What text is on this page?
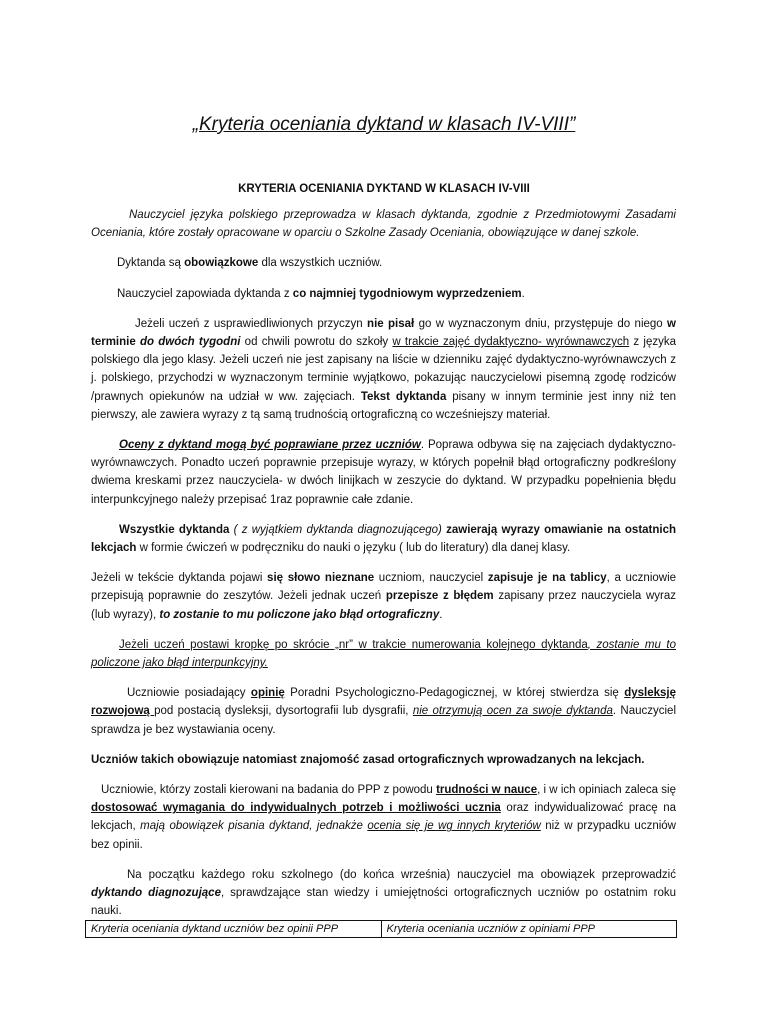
„Kryteria oceniania dyktand w klasach IV-VIII”
KRYTERIA OCENIANIA DYKTAND W KLASACH IV-VIII

Nauczyciel języka polskiego przeprowadza w klasach dyktanda, zgodnie z Przedmiotowymi Zasadami Oceniania, które zostały opracowane w oparciu o Szkolne Zasady Oceniania, obowiązujące w danej szkole.

Dyktanda są obowiązkowe dla wszystkich uczniów.

Nauczyciel zapowiada dyktanda z co najmniej tygodniowym wyprzedzeniem.

Jeżeli uczeń z usprawiedliwionych przyczyn nie pisał go w wyznaczonym dniu, przystępuje do niego w terminie do dwóch tygodni od chwili powrotu do szkoły w trakcie zajęć dydaktyczno- wyrównawczych z języka polskiego dla jego klasy. Jeżeli uczeń nie jest zapisany na liście w dzienniku zajęć dydaktyczno-wyrównawczych z j. polskiego, przychodzi w wyznaczonym terminie wyjątkowo, pokazując nauczycielowi pisemną zgodę rodziców /prawnych opiekunów na udział w ww. zajęciach. Tekst dyktanda pisany w innym terminie jest inny niż ten pierwszy, ale zawiera wyrazy z tą samą trudnością ortograficzną co wcześniejszy materiał.

Oceny z dyktand mogą być poprawiane przez uczniów. Poprawa odbywa się na zajęciach dydaktyczno-wyrównawczych. Ponadto uczeń poprawnie przepisuje wyrazy, w których popełnił błąd ortograficzny podkreślony dwiema kreskami przez nauczyciela- w dwóch linijkach w zeszycie do dyktand. W przypadku popełnienia błędu interpunkcyjnego należy przepisać 1raz poprawnie całe zdanie.

Wszystkie dyktanda ( z wyjątkiem dyktanda diagnozującego) zawierają wyrazy omawianie na ostatnich lekcjach w formie ćwiczeń w podręczniku do nauki o języku ( lub do literatury) dla danej klasy.

Jeżeli w tekście dyktanda pojawi się słowo nieznane uczniom, nauczyciel zapisuje je na tablicy, a uczniowie przepisują poprawnie do zeszytów. Jeżeli jednak uczeń przepisze z błędem zapisany przez nauczyciela wyraz (lub wyrazy), to zostanie to mu policzone jako błąd ortograficzny.

Jeżeli uczeń postawi kropkę po skrócie „nr” w trakcie numerowania kolejnego dyktanda, zostanie mu to policzone jako błąd interpunkcyjny.

Uczniowie posiadający opinię Poradni Psychologiczno-Pedagogicznej, w której stwierdza się dysleksję rozwojową pod postacią dysleksji, dysortografii lub dysgrafii, nie otrzymują ocen za swoje dyktanda. Nauczyciel sprawdza je bez wystawiania oceny.

Uczniów takich obowiązuje natomiast znajomość zasad ortograficznych wprowadzanych na lekcjach.

Uczniowie, którzy zostali kierowani na badania do PPP z powodu trudności w nauce, i w ich opiniach zaleca się dostosować wymagania do indywidualnych potrzeb i możliwości ucznia oraz indywidualizować pracę na lekcjach, mają obowiązek pisania dyktand, jednakże ocenia się je wg innych kryteriów niż w przypadku uczniów bez opinii.

Na początku każdego roku szkolnego (do końca września) nauczyciel ma obowiązek przeprowadzić dyktando diagnozujące, sprawdzające stan wiedzy i umiejętności ortograficznych uczniów po ostatnim roku nauki.

Kryteria oceniania dyktand uczniów bez opinii PPP	Kryteria oceniania uczniów z opiniami PPP
